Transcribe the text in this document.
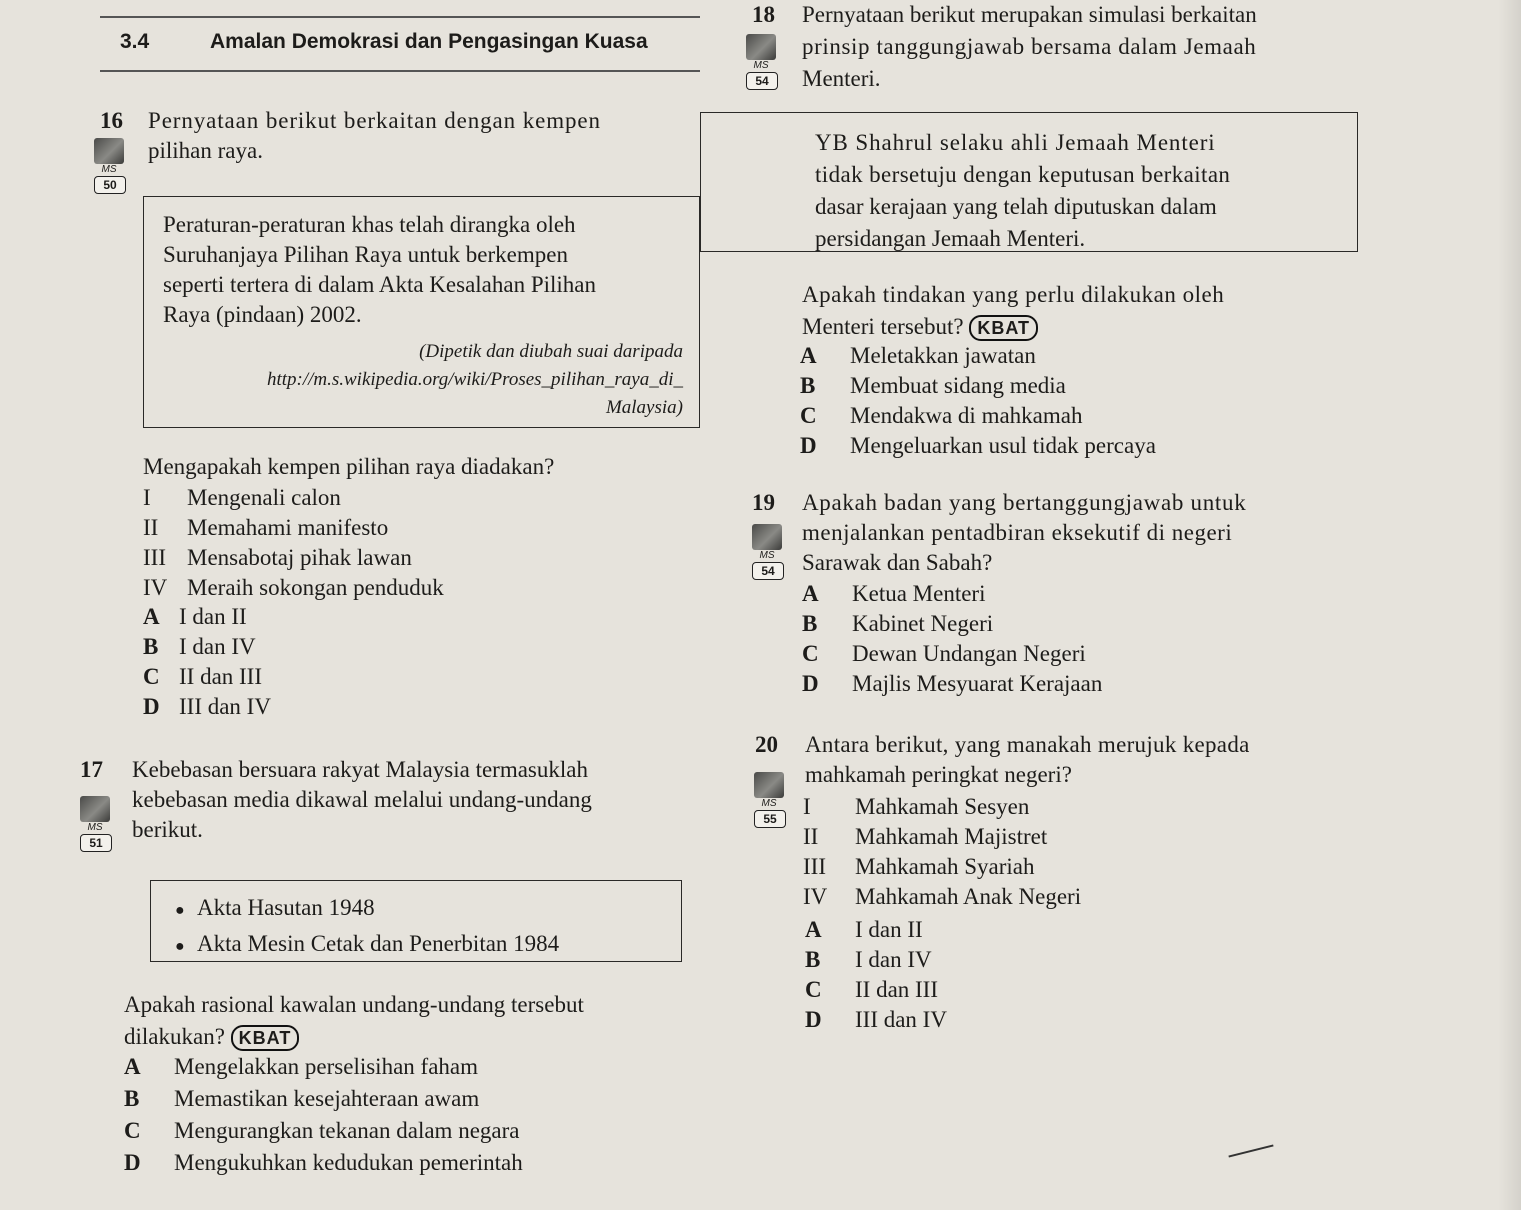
3.4	Amalan Demokrasi dan Pengasingan Kuasa
16 Pernyataan berikut berkaitan dengan kempen
pilihan raya.
MS
50
Peraturan-peraturan khas telah dirangka oleh
Suruhanjaya Pilihan Raya untuk berkempen
seperti tertera di dalam Akta Kesalahan Pilihan
Raya (pindaan) 2002.
(Dipetik dan diubah suai daripada
http://m.s.wikipedia.org/wiki/Proses_pilihan_raya_di_
Malaysia)
Mengapakah kempen pilihan raya diadakan?
I Mengenali calon
II Memahami manifesto
III Mensabotaj pihak lawan
IV Meraih sokongan penduduk
A I dan II
B I dan IV
C II dan III
D III dan IV
17 Kebebasan bersuara rakyat Malaysia termasuklah
kebebasan media dikawal melalui undang-undang
berikut.
MS
51
● Akta Hasutan 1948
● Akta Mesin Cetak dan Penerbitan 1984
Apakah rasional kawalan undang-undang tersebut
dilakukan? KBAT
A Mengelakkan perselisihan faham
B Memastikan kesejahteraan awam
C Mengurangkan tekanan dalam negara
D Mengukuhkan kedudukan pemerintah
18 Pernyataan berikut merupakan simulasi berkaitan
prinsip tanggungjawab bersama dalam Jemaah
Menteri.
MS
54
YB Shahrul selaku ahli Jemaah Menteri
tidak bersetuju dengan keputusan berkaitan
dasar kerajaan yang telah diputuskan dalam
persidangan Jemaah Menteri.
Apakah tindakan yang perlu dilakukan oleh
Menteri tersebut? KBAT
A Meletakkan jawatan
B Membuat sidang media
C Mendakwa di mahkamah
D Mengeluarkan usul tidak percaya
19 Apakah badan yang bertanggungjawab untuk
menjalankan pentadbiran eksekutif di negeri
Sarawak dan Sabah?
MS
54
A Ketua Menteri
B Kabinet Negeri
C Dewan Undangan Negeri
D Majlis Mesyuarat Kerajaan
20 Antara berikut, yang manakah merujuk kepada
mahkamah peringkat negeri?
MS
55	I Mahkamah Sesyen
II Mahkamah Majistret
III Mahkamah Syariah
IV Mahkamah Anak Negeri
A I dan II
B I dan IV
C II dan III
D III dan IV
